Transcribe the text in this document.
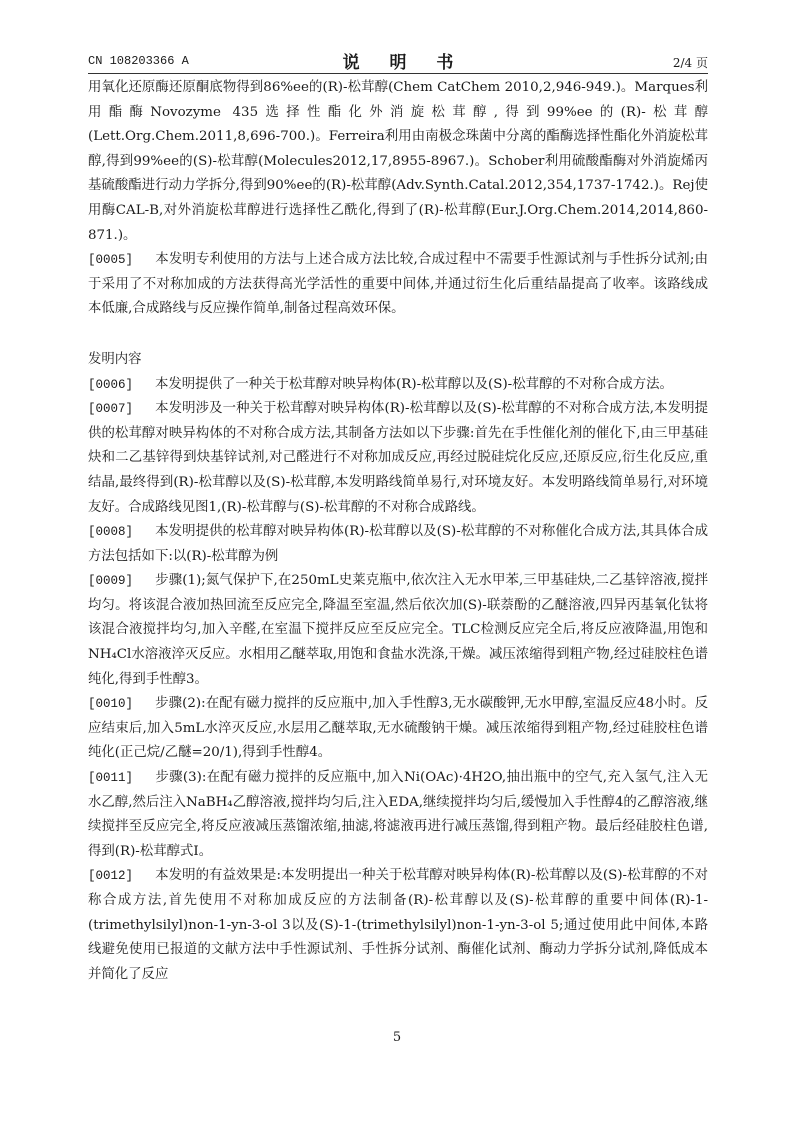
CN 108203366 A	说 明 书	2/4 页

用氧化还原酶还原酮底物得到86%ee的(R)-松茸醇(Chem CatChem 2010,2,946-949.)。Marques利用酯酶Novozyme 435选择性酯化外消旋松茸醇,得到99%ee的(R)-松茸醇(Lett.Org.Chem.2011,8,696-700.)。Ferreira利用由南极念珠菌中分离的酯酶选择性酯化外消旋松茸醇,得到99%ee的(S)-松茸醇(Molecules2012,17,8955-8967.)。Schober利用硫酸酯酶对外消旋烯丙基硫酸酯进行动力学拆分,得到90%ee的(R)-松茸醇(Adv.Synth.Catal.2012,354,1737-1742.)。Rej使用酶CAL-B,对外消旋松茸醇进行选择性乙酰化,得到了(R)-松茸醇(Eur.J.Org.Chem.2014,2014,860-871.)。

[0005] 本发明专利使用的方法与上述合成方法比较,合成过程中不需要手性源试剂与手性拆分试剂;由于采用了不对称加成的方法获得高光学活性的重要中间体,并通过衍生化后重结晶提高了收率。该路线成本低廉,合成路线与反应操作简单,制备过程高效环保。

发明内容

[0006] 本发明提供了一种关于松茸醇对映异构体(R)-松茸醇以及(S)-松茸醇的不对称合成方法。

[0007] 本发明涉及一种关于松茸醇对映异构体(R)-松茸醇以及(S)-松茸醇的不对称合成方法,本发明提供的松茸醇对映异构体的不对称合成方法,其制备方法如以下步骤:首先在手性催化剂的催化下,由三甲基硅炔和二乙基锌得到炔基锌试剂,对己醛进行不对称加成反应,再经过脱硅烷化反应,还原反应,衍生化反应,重结晶,最终得到(R)-松茸醇以及(S)-松茸醇,本发明路线简单易行,对环境友好。本发明路线简单易行,对环境友好。合成路线见图1,(R)-松茸醇与(S)-松茸醇的不对称合成路线。

[0008] 本发明提供的松茸醇对映异构体(R)-松茸醇以及(S)-松茸醇的不对称催化合成方法,其具体合成方法包括如下:以(R)-松茸醇为例

[0009] 步骤(1);氮气保护下,在250mL史莱克瓶中,依次注入无水甲苯,三甲基硅炔,二乙基锌溶液,搅拌均匀。将该混合液加热回流至反应完全,降温至室温,然后依次加(S)-联萘酚的乙醚溶液,四异丙基氧化钛将该混合液搅拌均匀,加入辛醛,在室温下搅拌反应至反应完全。TLC检测反应完全后,将反应液降温,用饱和NH₄Cl水溶液淬灭反应。水相用乙醚萃取,用饱和食盐水洗涤,干燥。减压浓缩得到粗产物,经过硅胶柱色谱纯化,得到手性醇3。

[0010] 步骤(2):在配有磁力搅拌的反应瓶中,加入手性醇3,无水碳酸钾,无水甲醇,室温反应48小时。反应结束后,加入5mL水淬灭反应,水层用乙醚萃取,无水硫酸钠干燥。减压浓缩得到粗产物,经过硅胶柱色谱纯化(正己烷/乙醚=20/1),得到手性醇4。

[0011] 步骤(3):在配有磁力搅拌的反应瓶中,加入Ni(OAc)·4H2O,抽出瓶中的空气,充入氢气,注入无水乙醇,然后注入NaBH₄乙醇溶液,搅拌均匀后,注入EDA,继续搅拌均匀后,缓慢加入手性醇4的乙醇溶液,继续搅拌至反应完全,将反应液减压蒸馏浓缩,抽滤,将滤液再进行减压蒸馏,得到粗产物。最后经硅胶柱色谱,得到(R)-松茸醇式I。

[0012] 本发明的有益效果是:本发明提出一种关于松茸醇对映异构体(R)-松茸醇以及(S)-松茸醇的不对称合成方法,首先使用不对称加成反应的方法制备(R)-松茸醇以及(S)-松茸醇的重要中间体(R)-1-(trimethylsilyl)non-1-yn-3-ol 3以及(S)-1-(trimethylsilyl)non-1-yn-3-ol 5;通过使用此中间体,本路线避免使用已报道的文献方法中手性源试剂、手性拆分试剂、酶催化试剂、酶动力学拆分试剂,降低成本并简化了反应

5
